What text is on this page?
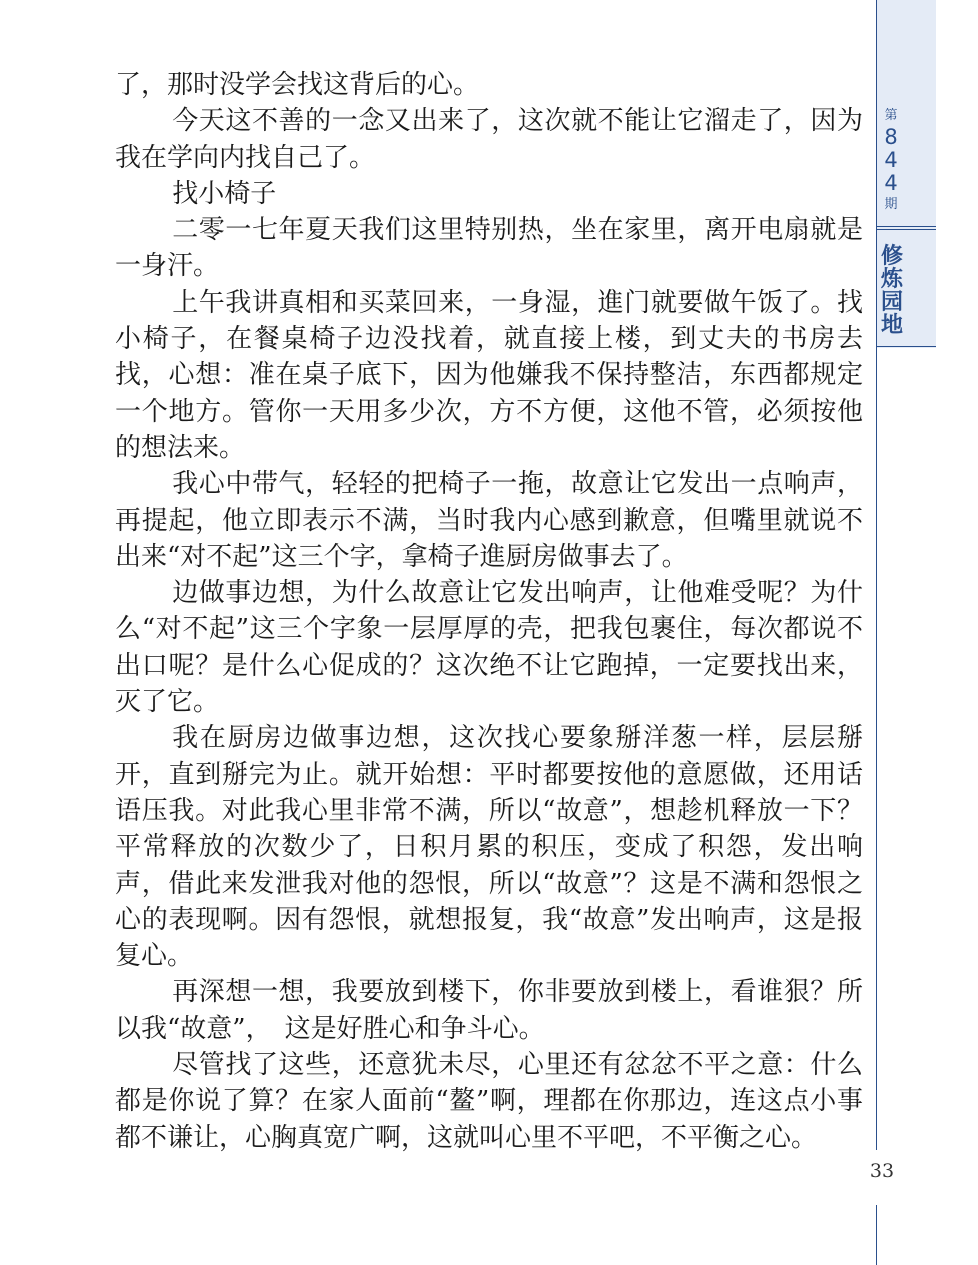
了，那时没学会找这背后的心。

今天这不善的一念又出来了，这次就不能让它溜走了，因为我在学向内找自己了。

找小椅子

二零一七年夏天我们这里特别热，坐在家里，离开电扇就是一身汗。

上午我讲真相和买菜回来，一身湿，進门就要做午饭了。找小椅子，在餐桌椅子边没找着，就直接上楼，到丈夫的书房去找，心想：准在桌子底下，因为他嫌我不保持整洁，东西都规定一个地方。管你一天用多少次，方不方便，这他不管，必须按他的想法来。

我心中带气，轻轻的把椅子一拖，故意让它发出一点响声，再提起，他立即表示不满，当时我内心感到歉意，但嘴里就说不出来“对不起”这三个字，拿椅子進厨房做事去了。

边做事边想，为什么故意让它发出响声，让他难受呢？为什么“对不起”这三个字象一层厚厚的壳，把我包裹住，每次都说不出口呢？是什么心促成的？这次绝不让它跑掉，一定要找出来，灭了它。

我在厨房边做事边想，这次找心要象掰洋葱一样，层层掰开，直到掰完为止。就开始想：平时都要按他的意愿做，还用话语压我。对此我心里非常不满，所以“故意”，想趁机释放一下？平常释放的次数少了，日积月累的积压，变成了积怨，发出响声，借此来发泄我对他的怨恨，所以“故意”？这是不满和怨恨之心的表现啊。因有怨恨，就想报复，我“故意”发出响声，这是报复心。

再深想一想，我要放到楼下，你非要放到楼上，看谁狠？所以我“故意”，　这是好胜心和争斗心。

尽管找了这些，还意犹未尽，心里还有忿忿不平之意：什么都是你说了算？在家人面前“鳌”啊，理都在你那边，连这点小事都不谦让，心胸真宽广啊，这就叫心里不平吧，不平衡之心。

第
8
4
4
期
修
炼
园
地
33
